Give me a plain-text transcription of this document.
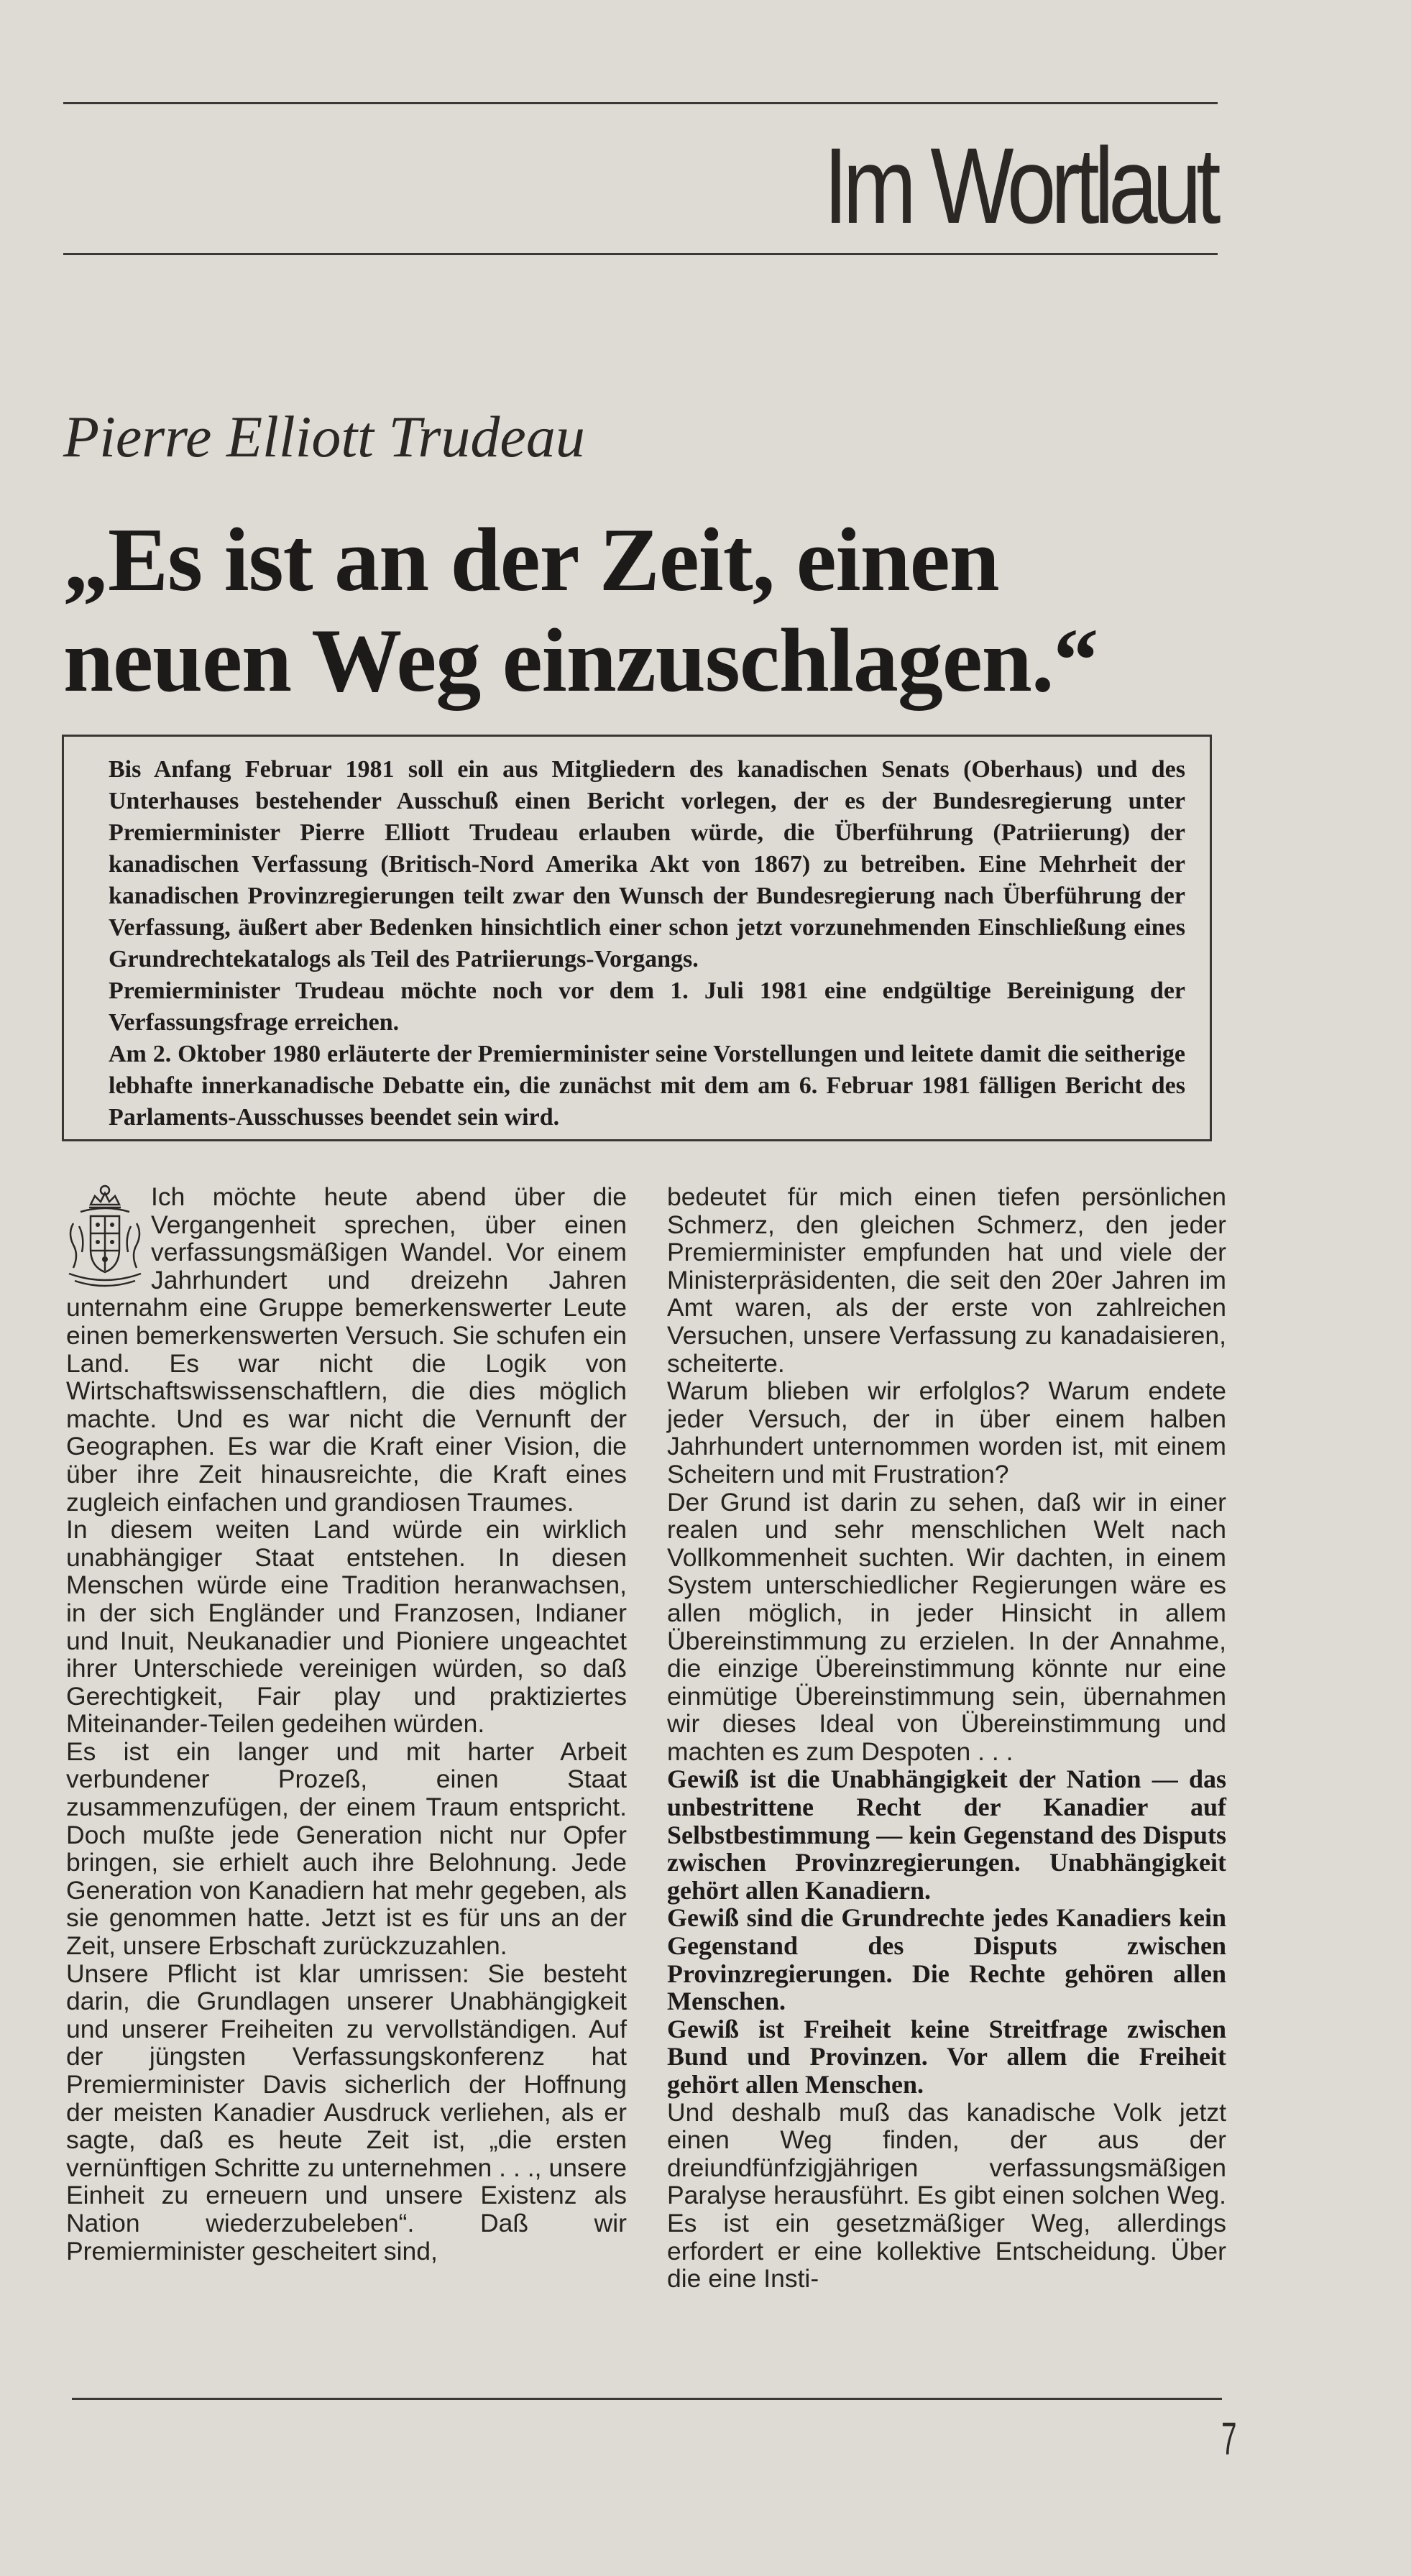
Im Wortlaut
Pierre Elliott Trudeau
„Es ist an der Zeit, einen
neuen Weg einzuschlagen.“

Bis Anfang Februar 1981 soll ein aus Mitgliedern des kanadischen Senats (Oberhaus) und des Unterhauses bestehender Ausschuß einen Bericht vorlegen, der es der Bundesregierung unter Premierminister Pierre Elliott Trudeau erlauben würde, die Überführung (Patriierung) der kanadischen Verfassung (Britisch-Nord Amerika Akt von 1867) zu betreiben. Eine Mehrheit der kanadischen Provinzregierungen teilt zwar den Wunsch der Bundesregierung nach Überführung der Verfassung, äußert aber Bedenken hinsichtlich einer schon jetzt vorzunehmenden Einschließung eines Grundrechtekatalogs als Teil des Patriierungs-Vorgangs.

Premierminister Trudeau möchte noch vor dem 1. Juli 1981 eine endgültige Bereinigung der Verfassungsfrage erreichen.

Am 2. Oktober 1980 erläuterte der Premierminister seine Vorstellungen und leitete damit die seitherige lebhafte innerkanadische Debatte ein, die zunächst mit dem am 6. Februar 1981 fälligen Bericht des Parlaments-Ausschusses beendet sein wird.

Ich möchte heute abend über die Vergangenheit sprechen, über einen verfassungsmäßigen Wandel. Vor einem Jahrhundert und dreizehn Jahren unternahm eine Gruppe bemerkenswerter Leute einen bemerkenswerten Versuch. Sie schufen ein Land. Es war nicht die Logik von Wirtschaftswissenschaftlern, die dies möglich machte. Und es war nicht die Vernunft der Geographen. Es war die Kraft einer Vision, die über ihre Zeit hinausreichte, die Kraft eines zugleich einfachen und grandiosen Traumes.

In diesem weiten Land würde ein wirklich unabhängiger Staat entstehen. In diesen Menschen würde eine Tradition heranwachsen, in der sich Engländer und Franzosen, Indianer und Inuit, Neukanadier und Pioniere ungeachtet ihrer Unterschiede vereinigen würden, so daß Gerechtigkeit, Fair play und praktiziertes Miteinander-Teilen gedeihen würden.

Es ist ein langer und mit harter Arbeit verbundener Prozeß, einen Staat zusammenzufügen, der einem Traum entspricht. Doch mußte jede Generation nicht nur Opfer bringen, sie erhielt auch ihre Belohnung. Jede Generation von Kanadiern hat mehr gegeben, als sie genommen hatte. Jetzt ist es für uns an der Zeit, unsere Erbschaft zurückzuzahlen.

Unsere Pflicht ist klar umrissen: Sie besteht darin, die Grundlagen unserer Unabhängigkeit und unserer Freiheiten zu vervollständigen. Auf der jüngsten Verfassungskonferenz hat Premierminister Davis sicherlich der Hoffnung der meisten Kanadier Ausdruck verliehen, als er sagte, daß es heute Zeit ist, „die ersten vernünftigen Schritte zu unternehmen . . ., unsere Einheit zu erneuern und unsere Existenz als Nation wiederzubeleben“. Daß wir Premierminister gescheitert sind,

bedeutet für mich einen tiefen persönlichen Schmerz, den gleichen Schmerz, den jeder Premierminister empfunden hat und viele der Ministerpräsidenten, die seit den 20er Jahren im Amt waren, als der erste von zahlreichen Versuchen, unsere Verfassung zu kanadaisieren, scheiterte.

Warum blieben wir erfolglos? Warum endete jeder Versuch, der in über einem halben Jahrhundert unternommen worden ist, mit einem Scheitern und mit Frustration?

Der Grund ist darin zu sehen, daß wir in einer realen und sehr menschlichen Welt nach Vollkommenheit suchten. Wir dachten, in einem System unterschiedlicher Regierungen wäre es allen möglich, in jeder Hinsicht in allem Übereinstimmung zu erzielen. In der Annahme, die einzige Übereinstimmung könnte nur eine einmütige Übereinstimmung sein, übernahmen wir dieses Ideal von Übereinstimmung und machten es zum Despoten . . .

Gewiß ist die Unabhängigkeit der Nation — das unbestrittene Recht der Kanadier auf Selbstbestimmung — kein Gegenstand des Disputs zwischen Provinzregierungen. Unabhängigkeit gehört allen Kanadiern.

Gewiß sind die Grundrechte jedes Kanadiers kein Gegenstand des Disputs zwischen Provinzregierungen. Die Rechte gehören allen Menschen.

Gewiß ist Freiheit keine Streitfrage zwischen Bund und Provinzen. Vor allem die Freiheit gehört allen Menschen.

Und deshalb muß das kanadische Volk jetzt einen Weg finden, der aus der dreiundfünfzigjährigen verfassungsmäßigen Paralyse herausführt. Es gibt einen solchen Weg. Es ist ein gesetzmäßiger Weg, allerdings erfordert er eine kollektive Entscheidung. Über die eine Insti-

7
